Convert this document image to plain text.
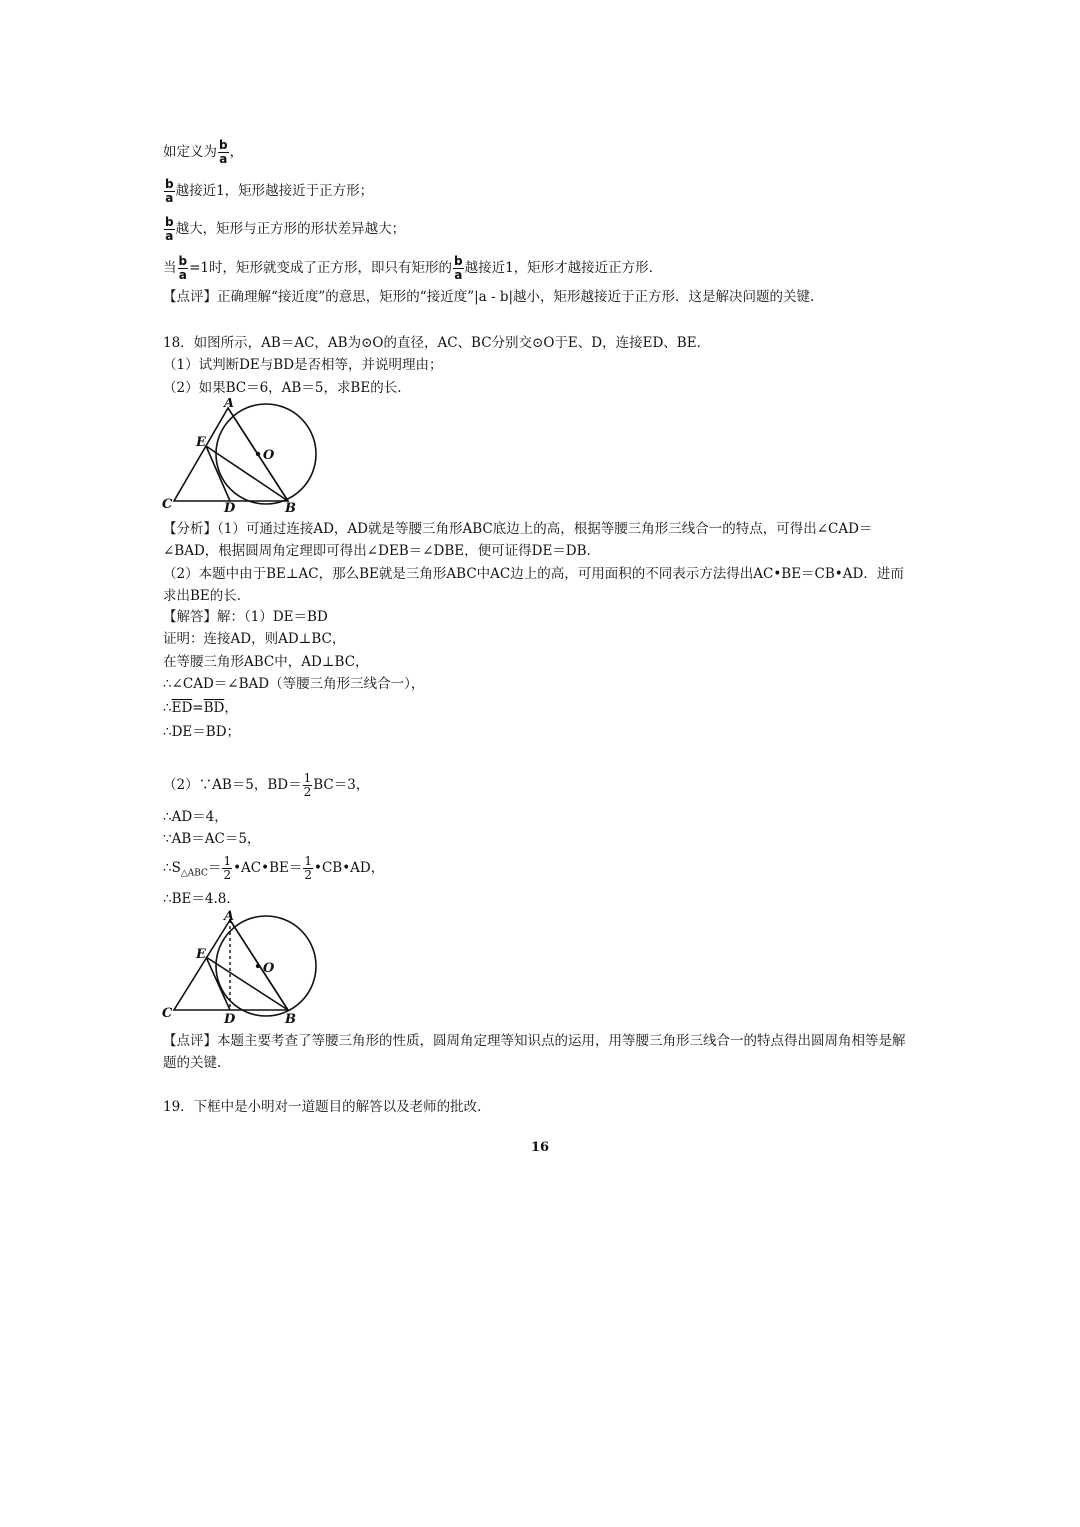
如定义为 $\frac{b}{a}$ ，
$\frac{b}{a}$ 越接近1，矩形越接近于正方形；
$\frac{b}{a}$ 越大，矩形与正方形的形状差异越大；
当 $\frac{b}{a} =1$时，矩形就变成了正方形，即只有矩形的 $\frac{b}{a}$ 越接近1，矩形才越接近正方形.
【点评】正确理解“接近度”的意思，矩形的“接近度”|a - b|越小，矩形越接近于正方形．这是解决问题的关键.
18．如图所示，AB＝AC，AB为⊙O的直径，AC、BC分别交⊙O于E、D，连接ED、BE．
（1）试判断DE与BD是否相等，并说明理由；
（2）如果BC＝6，AB＝5，求BE的长．
A
E
O
C	D	B
【分析】（1）可通过连接AD，AD就是等腰三角形ABC底边上的高，根据等腰三角形三线合一的特点，可得出∠CAD＝∠BAD，根据圆周角定理即可得出∠DEB＝∠DBE，便可证得DE＝DB．
（2）本题中由于BE⊥AC，那么BE就是三角形ABC中AC边上的高，可用面积的不同表示方法得出AC•BE＝CB•AD．进而求出BE的长．
【解答】解：（1）DE＝BD
证明：连接AD，则AD⊥BC，
在等腰三角形ABC中，AD⊥BC，
∴∠CAD＝∠BAD（等腰三角形三线合一），
$\therefore\overline{ED}=\overline{BD}$，
∴DE＝BD；
（2）∵AB＝5，$BD= \frac{1}{2} BC=3$，
∴AD＝4，
∵AB＝AC＝5，
$\therefore S_{\triangle ABC}= \frac{1}{2}$ •AC•BE＝ $\frac{1}{2}$ •CB•AD，
∴BE＝4.8．
A
E
O
C	D	B
【点评】本题主要考查了等腰三角形的性质，圆周角定理等知识点的运用，用等腰三角形三线合一的特点得出圆周角相等是解题的关键．
19．下框中是小明对一道题目的解答以及老师的批改．
16
